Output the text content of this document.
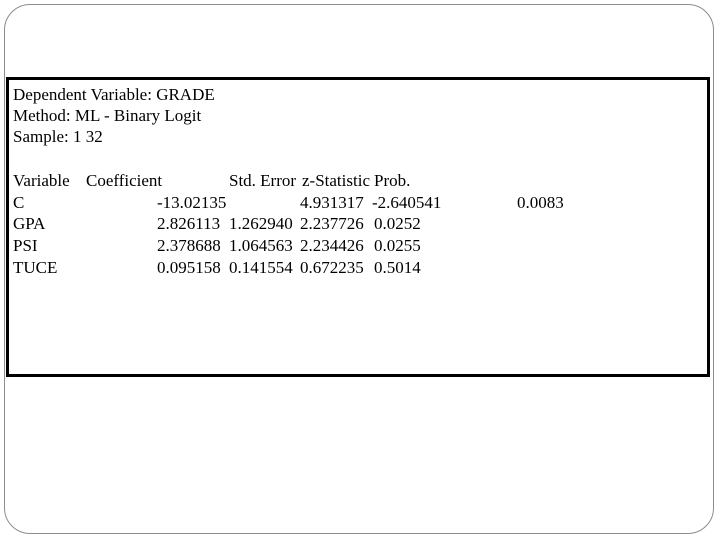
Dependent Variable: GRADE
Method: ML - Binary Logit
Sample: 1 32
Variable Coefficient	Std. Error z-Statistic Prob.
C	-13.02135	4.931317 -2.640541	0.0083
GPA	2.826113 1.262940 2.237726 0.0252
PSI	2.378688 1.064563 2.234426 0.0255
TUCE	0.095158 0.141554 0.672235 0.5014
